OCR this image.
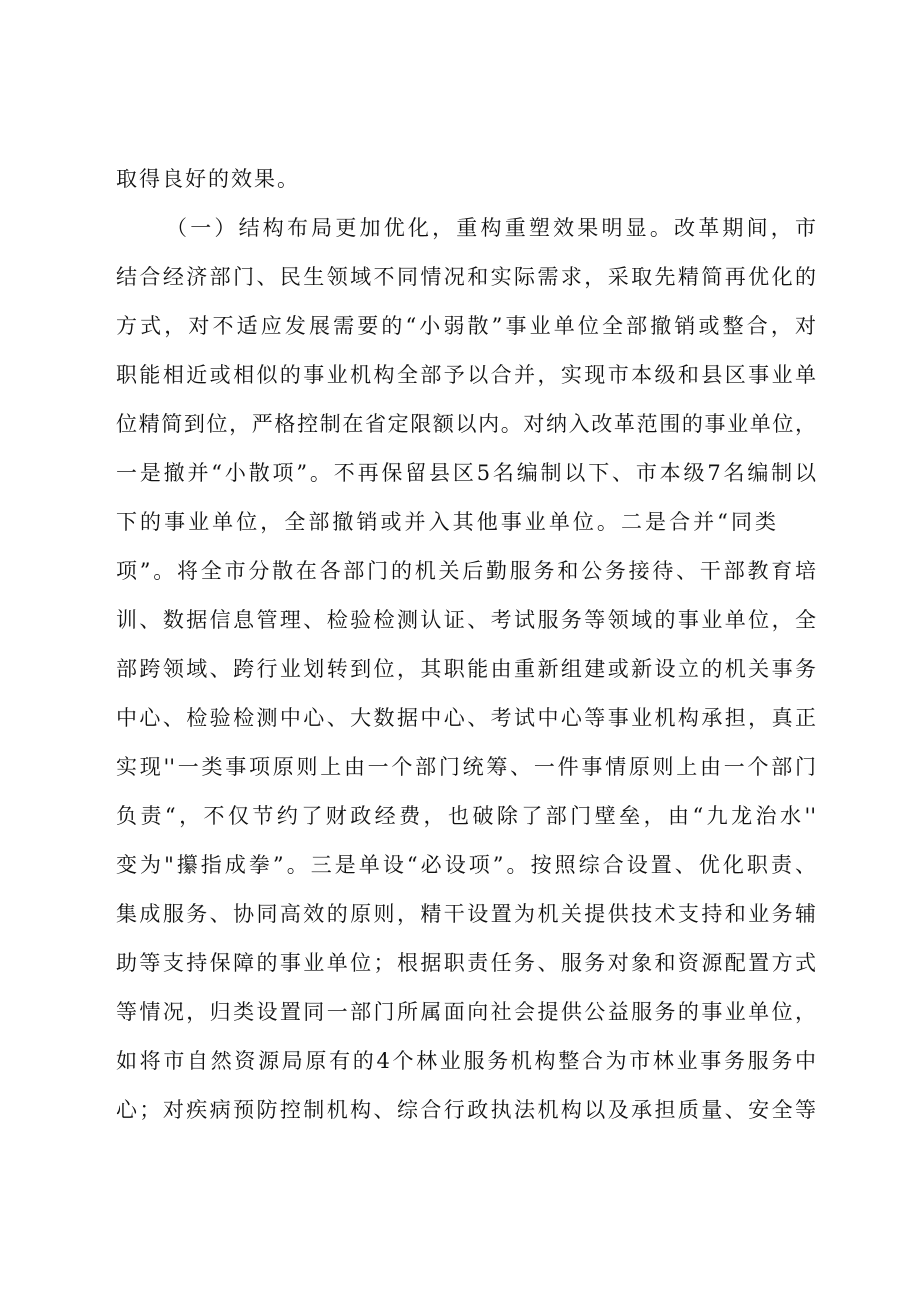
取得良好的效果。
（一）结构布局更加优化，重构重塑效果明显。改革期间，市
结合经济部门、民生领域不同情况和实际需求，采取先精简再优化的
方式，对不适应发展需要的“小弱散”事业单位全部撤销或整合，对
职能相近或相似的事业机构全部予以合并，实现市本级和县区事业单
位精简到位，严格控制在省定限额以内。对纳入改革范围的事业单位，
一是撤并“小散项”。不再保留县区5名编制以下、市本级7名编制以
下的事业单位，全部撤销或并入其他事业单位。二是合并“同类
项”。将全市分散在各部门的机关后勤服务和公务接待、干部教育培
训、数据信息管理、检验检测认证、考试服务等领域的事业单位，全
部跨领域、跨行业划转到位，其职能由重新组建或新设立的机关事务
中心、检验检测中心、大数据中心、考试中心等事业机构承担，真正
实现''一类事项原则上由一个部门统筹、一件事情原则上由一个部门
负责“，不仅节约了财政经费，也破除了部门壁垒，由“九龙治水''
变为"攥指成拳”。三是单设“必设项”。按照综合设置、优化职责、
集成服务、协同高效的原则，精干设置为机关提供技术支持和业务辅
助等支持保障的事业单位；根据职责任务、服务对象和资源配置方式
等情况，归类设置同一部门所属面向社会提供公益服务的事业单位，
如将市自然资源局原有的4个林业服务机构整合为市林业事务服务中
心；对疾病预防控制机构、综合行政执法机构以及承担质量、安全等
